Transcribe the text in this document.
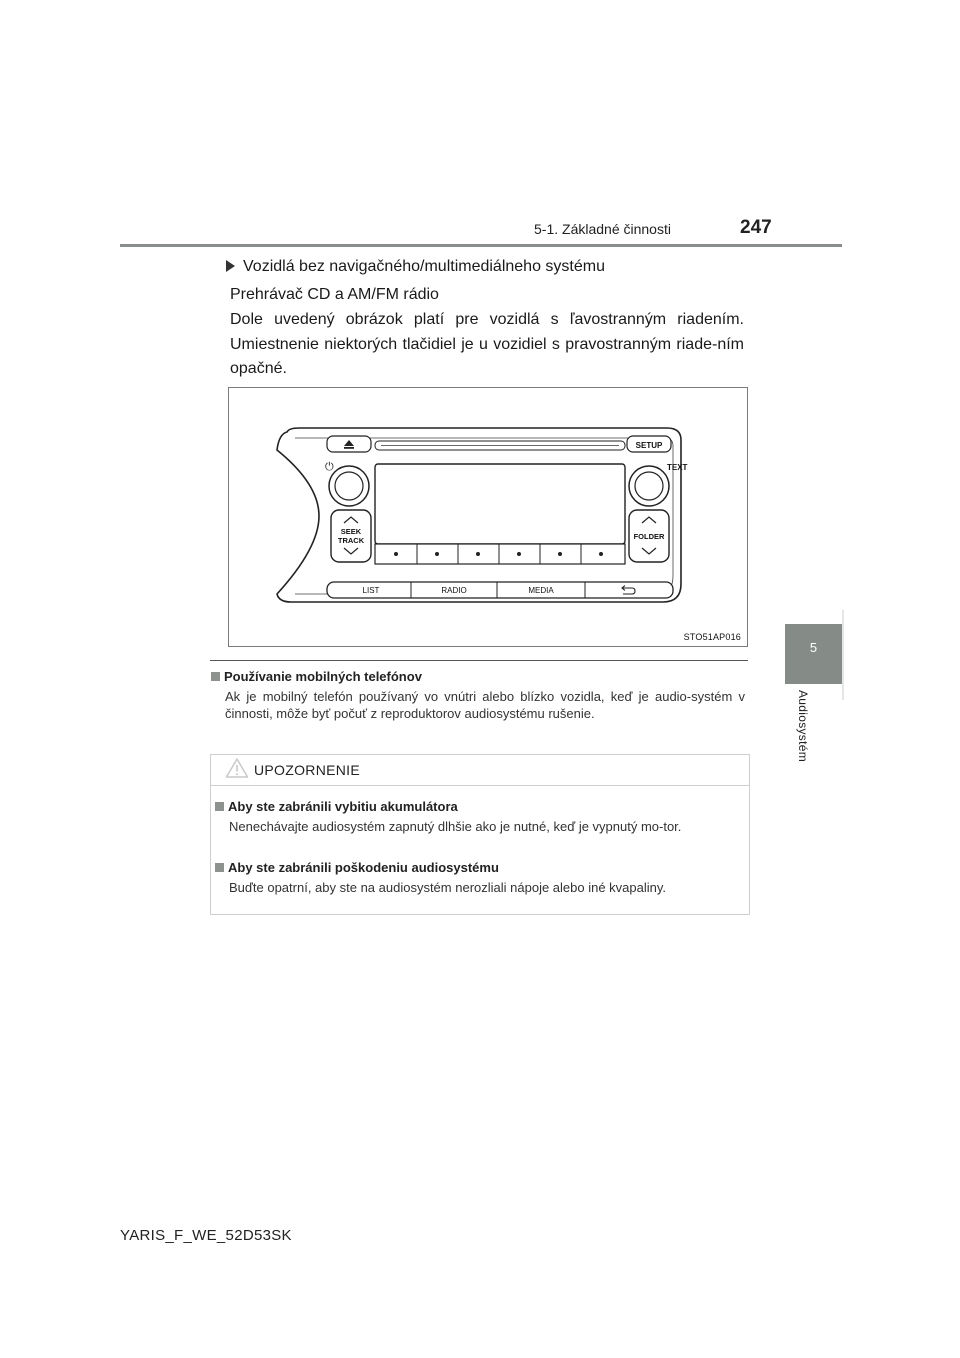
5-1. Základné činnosti	247
5
Audiosystém
Vozidlá bez navigačného/multimediálneho systému
Prehrávač CD a AM/FM rádio
Dole uvedený obrázok platí pre vozidlá s ľavostranným riadením. Umiestnenie niektorých tlačidiel je u vozidiel s pravostranným riade-ním opačné.
SETUP
⏻	TEXT
SEEK
TRACK	FOLDER
LIST	RADIO	MEDIA
STO51AP016
Používanie mobilných telefónov
Ak je mobilný telefón používaný vo vnútri alebo blízko vozidla, keď je audio-systém v činnosti, môže byť počuť z reproduktorov audiosystému rušenie.
UPOZORNENIE
Aby ste zabránili vybitiu akumulátora
Nenechávajte audiosystém zapnutý dlhšie ako je nutné, keď je vypnutý mo-tor.
Aby ste zabránili poškodeniu audiosystému
Buďte opatrní, aby ste na audiosystém nerozliali nápoje alebo iné kvapaliny.
YARIS_F_WE_52D53SK
